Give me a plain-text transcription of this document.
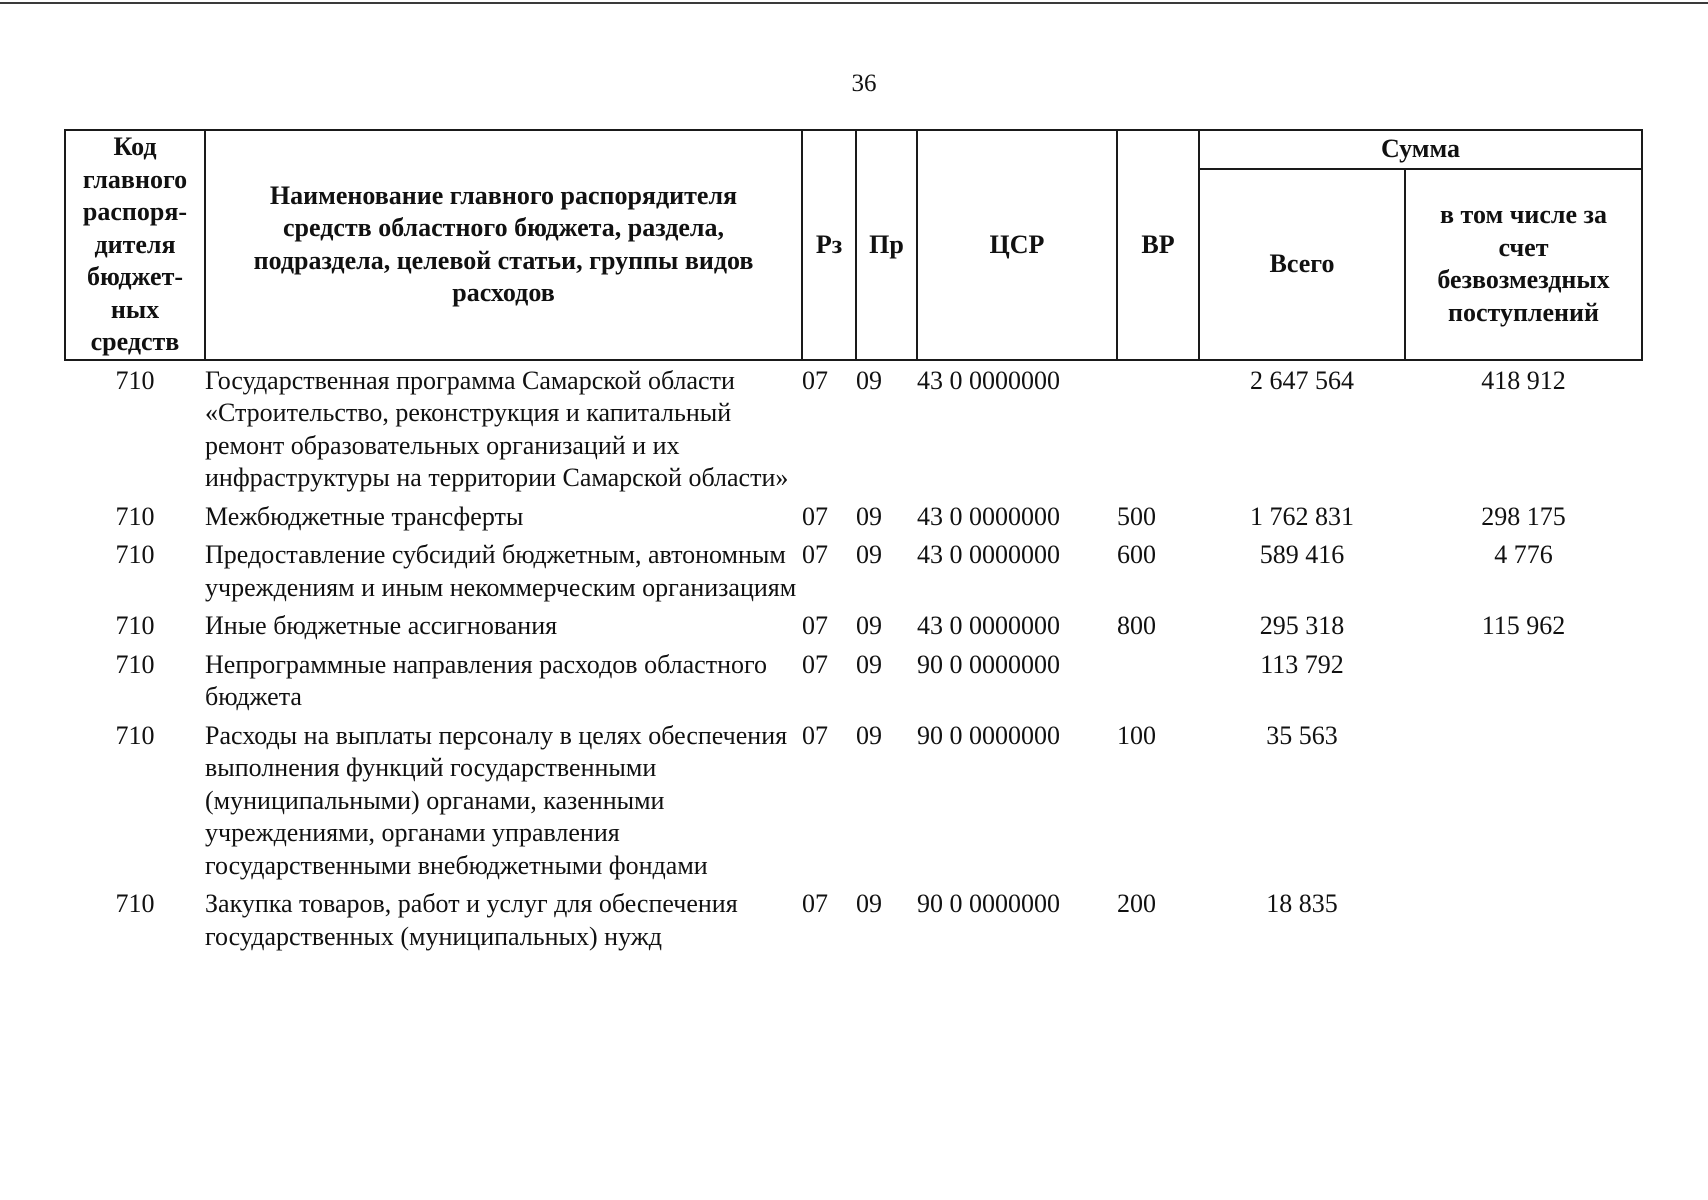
36
Код главного распоря-дителя бюджет-ных средств	Наименование главного распорядителя средств областного бюджета, раздела, подраздела, целевой статьи, группы видов расходов	Рз	Пр	ЦСР	ВР	Сумма	
						Всего	в том числе за счет безвозмездных поступлений
710	Государственная программа Самарской области «Строительство, реконструкция и капитальный ремонт образовательных организаций и их инфраструктуры на территории Самарской области»	07	09	43 0 0000000		2 647 564	418 912
710	Межбюджетные трансферты	07	09	43 0 0000000	500	1 762 831	298 175
710	Предоставление субсидий бюджетным, автономным учреждениям и иным некоммерческим организациям	07	09	43 0 0000000	600	589 416	4 776
710	Иные бюджетные ассигнования	07	09	43 0 0000000	800	295 318	115 962
710	Непрограммные направления расходов областного бюджета	07	09	90 0 0000000		113 792	
710	Расходы на выплаты персоналу в целях обеспечения выполнения функций государственными (муниципальными) органами, казенными учреждениями, органами управления государственными внебюджетными фондами	07	09	90 0 0000000	100	35 563	
710	Закупка товаров, работ и услуг для обеспечения государственных (муниципальных) нужд	07	09	90 0 0000000	200	18 835	
